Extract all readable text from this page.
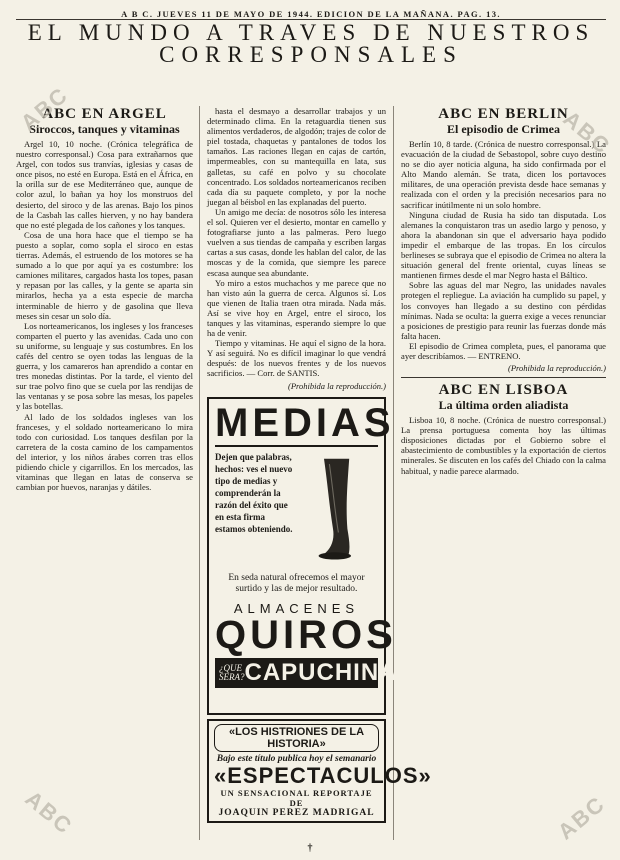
A B C. JUEVES 11 DE MAYO DE 1944. EDICION DE LA MAÑANA. PAG. 13.
EL MUNDO A TRAVES DE NUESTROS
CORRESPONSALES
ABC EN ARGEL
Siroccos, tanques y vitaminas

Argel 10, 10 noche. (Crónica telegráfica de nuestro corresponsal.) Cosa para extrañarnos que Argel, con todos sus tranvías, iglesias y casas de once pisos, no esté en Europa. Está en el África, en la orilla sur de ese Mediterráneo que, aunque de color azul, lo bañan ya hoy los monstruos del desierto, del siroco y de las arenas. Bajo los pinos de la Casbah las calles hierven, y no hay bandera que no esté plegada de los cañones y los tanques.

Cosa de una hora hace que el tiempo se ha puesto a soplar, como sopla el siroco en estas tierras. Además, el estruendo de los motores se ha sumado a lo que por aquí ya es costumbre: los camiones militares, cargados hasta los topes, pasan y repasan por las calles, y la gente se aparta sin mirarlos, hecha ya a esta especie de marcha interminable de hierro y de gasolina que lleva meses sin cesar un solo día.

Los norteamericanos, los ingleses y los franceses comparten el puerto y las avenidas. Cada uno con su uniforme, su lenguaje y sus costumbres. En los cafés del centro se oyen todas las lenguas de la guerra, y los camareros han aprendido a contar en tres monedas distintas. Por la tarde, el viento del sur trae polvo fino que se cuela por las rendijas de las ventanas y se posa sobre las mesas, los papeles y las botellas.

Al lado de los soldados ingleses van los franceses, y el soldado norteamericano lo mira todo con curiosidad. Los tanques desfilan por la carretera de la costa camino de los campamentos del interior, y los niños árabes corren tras ellos pidiendo chicle y cigarrillos. En los mercados, las vitaminas que llegan en latas de conserva se cambian por huevos, naranjas y dátiles.

hasta el desmayo a desarrollar trabajos y un determinado clima. En la retaguardia tienen sus alimentos verdaderos, de algodón; trajes de color de piel tostada, chaquetas y pantalones de todos los tamaños. Las raciones llegan en cajas de cartón, impermeables, con su mantequilla en lata, sus galletas, su café en polvo y su chocolate concentrado. Los soldados norteamericanos reciben cada día su paquete completo, y por la noche juegan al béisbol en las explanadas del puerto.

Un amigo me decía: de nosotros sólo les interesa el sol. Quieren ver el desierto, montar en camello y fotografiarse junto a las palmeras. Pero luego vuelven a sus tiendas de campaña y escriben largas cartas a sus casas, donde les hablan del calor, de las moscas y de la comida, que siempre les parece escasa aunque sea abundante.

Yo miro a estos muchachos y me parece que no han visto aún la guerra de cerca. Algunos sí. Los que vienen de Italia traen otra mirada. Nada más. Así se vive hoy en Argel, entre el siroco, los tanques y las vitaminas, esperando siempre lo que ha de venir.

Tiempo y vitaminas. He aquí el signo de la hora. Y así seguirá. No es difícil imaginar lo que vendrá después: de los nuevos frentes y de los nuevos sacrificios. — Corr. de SANTIS.

(Prohibida la reproducción.)
MEDIAS
Dejen que palabras, hechos: ves el nuevo tipo de medias y comprenderán la razón del éxito que en esta firma estamos obteniendo.
En seda natural ofrecemos el mayor surtido y las de mejor resultado.
ALMACENES
QUIROS
¿QUE SERA? CAPUCHINA
«LOS HISTRIONES DE LA HISTORIA»
Bajo este título publica hoy el semanario
«ESPECTACULOS»
UN SENSACIONAL REPORTAJE DE
JOAQUIN PEREZ MADRIGAL
ABC EN BERLIN
El episodio de Crimea

Berlín 10, 8 tarde. (Crónica de nuestro corresponsal.) La evacuación de la ciudad de Sebastopol, sobre cuyo destino no se dio ayer noticia alguna, ha sido confirmada por el Alto Mando alemán. Se trata, dicen los portavoces militares, de una operación prevista desde hace semanas y realizada con el orden y la precisión necesarios para no sacrificar inútilmente ni un solo hombre.

Ninguna ciudad de Rusia ha sido tan disputada. Los alemanes la conquistaron tras un asedio largo y penoso, y ahora la abandonan sin que el adversario haya podido impedir el embarque de las tropas. En los círculos berlineses se subraya que el episodio de Crimea no altera la situación general del frente oriental, cuyas líneas se mantienen firmes desde el mar Negro hasta el Báltico.

Sobre las aguas del mar Negro, las unidades navales protegen el repliegue. La aviación ha cumplido su papel, y los convoyes han llegado a su destino con pérdidas mínimas. Nada se oculta: la guerra exige a veces renunciar a posiciones de prestigio para reunir las fuerzas donde más falta hacen.

El episodio de Crimea completa, pues, el panorama que ayer describíamos. — ENTRENO.

(Prohibida la reproducción.)
ABC EN LISBOA
La última orden aliadista

Lisboa 10, 8 noche. (Crónica de nuestro corresponsal.) La prensa portuguesa comenta hoy las últimas disposiciones dictadas por el Gobierno sobre el abastecimiento de combustibles y la exportación de ciertos minerales. Se discuten en los cafés del Chiado con la calma habitual, y nadie parece alarmado.

†
ABC	ABC
ABC	ABC
